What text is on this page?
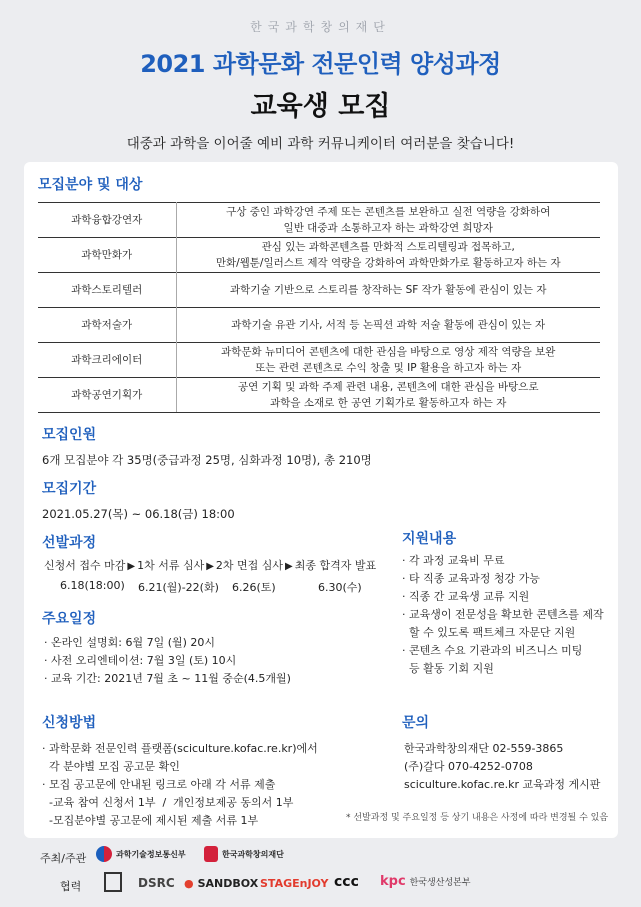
한국과학창의재단
2021 과학문화 전문인력 양성과정
교육생 모집
대중과 과학을 이어줄 예비 과학 커뮤니케이터 여러분을 찾습니다!
모집분야 및 대상
과학융합강연자	구상 중인 과학강연 주제 또는 콘텐츠를 보완하고 실전 역량을 강화하여
일반 대중과 소통하고자 하는 과학강연 희망자

과학만화가	관심 있는 과학콘텐츠를 만화적 스토리텔링과 접목하고,
만화/웹툰/일러스트 제작 역량을 강화하여 과학만화가로 활동하고자 하는 자

과학스토리텔러	과학기술 기반으로 스토리를 창작하는 SF 작가 활동에 관심이 있는 자

과학저술가	과학기술 유관 기사, 서적 등 논픽션 과학 저술 활동에 관심이 있는 자

과학크리에이터	과학문화 뉴미디어 콘텐츠에 대한 관심을 바탕으로 영상 제작 역량을 보완
또는 관련 콘텐츠로 수익 창출 및 IP 활용을 하고자 하는 자

과학공연기획가	공연 기획 및 과학 주제 관련 내용, 콘텐츠에 대한 관심을 바탕으로
과학을 소재로 한 공연 기획가로 활동하고자 하는 자
모집인원
6개 모집분야 각 35명(중급과정 25명, 심화과정 10명), 총 210명
모집기간
2021.05.27(목) ~ 06.18(금) 18:00
선발과정
신청서 접수 마감 ▶ 1차 서류 심사 ▶ 2차 면접 심사 ▶ 최종 합격자 발표
6.18(18:00) 6.21(월)-22(화) 6.26(토)	6.30(수)
주요일정
· 온라인 설명회: 6월 7일 (월) 20시
· 사전 오리엔테이션: 7월 3일 (토) 10시
· 교육 기간: 2021년 7월 초 ~ 11월 중순(4.5개월)
지원내용
· 각 과정 교육비 무료
· 타 직종 교육과정 청강 가능
· 직종 간 교육생 교류 지원
· 교육생이 전문성을 확보한 콘텐츠를 제작
할 수 있도록 팩트체크 자문단 지원
· 콘텐츠 수요 기관과의 비즈니스 미팅
등 활동 기회 지원
신청방법
· 과학문화 전문인력 플랫폼(sciculture.kofac.re.kr)에서
각 분야별 모집 공고문 확인
· 모집 공고문에 안내된 링크로 아래 각 서류 제출
-교육 참여 신청서 1부  /  개인정보제공 동의서 1부
-모집분야별 공고문에 제시된 제출 서류 1부
문의
한국과학창의재단 02-559-3865
(주)갈다 070-4252-0708
sciculture.kofac.re.kr 교육과정 게시판
* 선발과정 및 주요일정 등 상기 내용은 사정에 따라 변경될 수 있음
주최/주관	과학기술정보통신부	한국과학창의재단
협력	DSRC ● SANDBOX STAGEnJOY ccc kpc 한국생산성본부
